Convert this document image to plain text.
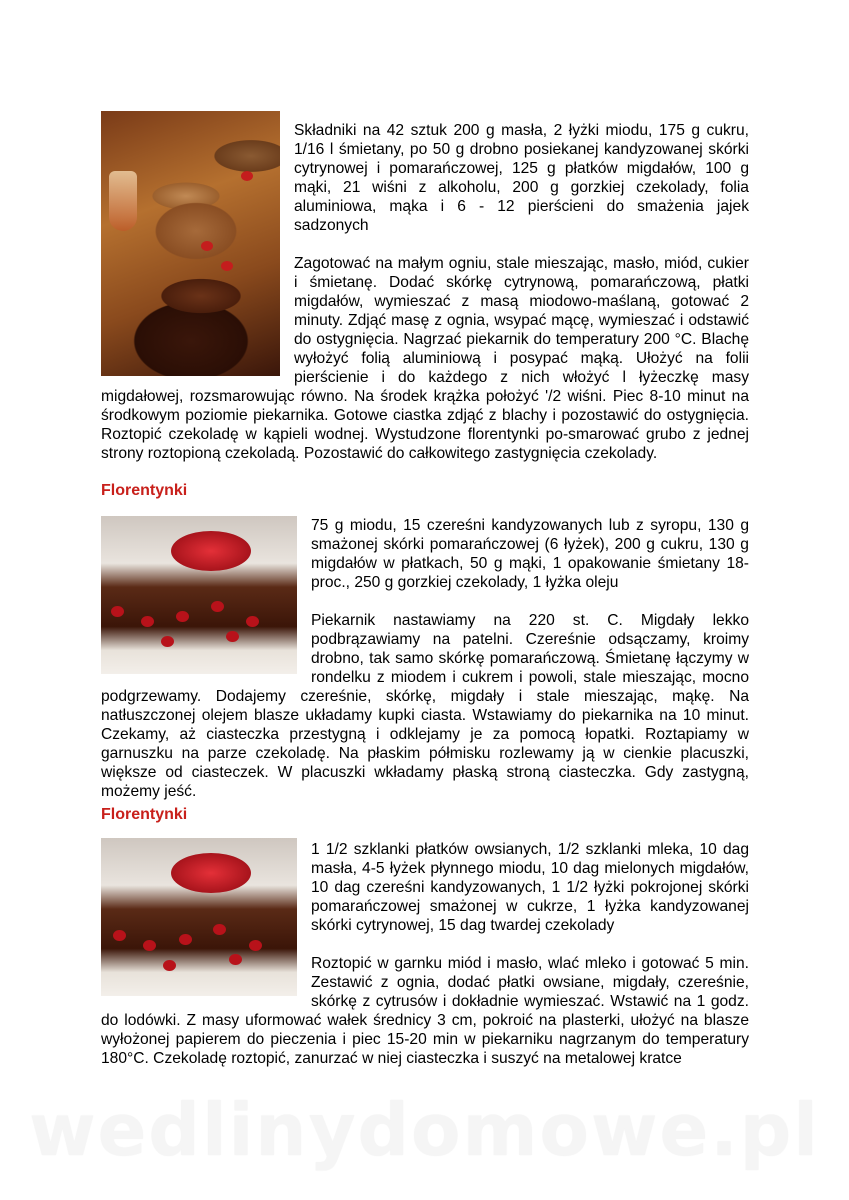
Składniki na 42 sztuk 200 g masła, 2 łyżki miodu, 175 g cukru, 1/16 l śmietany, po 50 g drobno posiekanej kandyzowanej skórki cytrynowej i pomarańczowej, 125 g płatków migdałów, 100 g mąki, 21 wiśni z alkoholu, 200 g gorzkiej czekolady, folia aluminiowa, mąka i 6 - 12 pierścieni do smażenia jajek sadzonych

Zagotować na małym ogniu, stale mieszając, masło, miód, cukier i śmietanę. Dodać skórkę cytrynową, pomarańczową, płatki migdałów, wymieszać z masą miodowo-maślaną, gotować 2 minuty. Zdjąć masę z ognia, wsypać mącę, wymieszać i odstawić do ostygnięcia. Nagrzać piekarnik do temperatury 200 °C. Blachę wyłożyć folią aluminiową i posypać mąką. Ułożyć na folii pierścienie i do każdego z nich włożyć l łyżeczkę masy migdałowej, rozsmarowując równo. Na środek krążka położyć '/2 wiśni. Piec 8-10 minut na środkowym poziomie piekarnika. Gotowe ciastka zdjąć z blachy i pozostawić do ostygnięcia. Roztopić czekoladę w kąpieli wodnej. Wystudzone florentynki po-smarować grubo z jednej strony roztopioną czekoladą. Pozostawić do całkowitego zastygnięcia czekolady.

Florentynki

75 g miodu, 15 czereśni kandyzowanych lub z syropu, 130 g smażonej skórki pomarańczowej (6 łyżek), 200 g cukru, 130 g migdałów w płatkach, 50 g mąki, 1 opakowanie śmietany 18-proc., 250 g gorzkiej czekolady, 1 łyżka oleju

Piekarnik nastawiamy na 220 st. C. Migdały lekko podbrązawiamy na patelni. Czereśnie odsączamy, kroimy drobno, tak samo skórkę pomarańczową. Śmietanę łączymy w rondelku z miodem i cukrem i powoli, stale mieszając, mocno podgrzewamy. Dodajemy czereśnie, skórkę, migdały i stale mieszając, mąkę. Na natłuszczonej olejem blasze układamy kupki ciasta. Wstawiamy do piekarnika na 10 minut. Czekamy, aż ciasteczka przestygną i odklejamy je za pomocą łopatki. Roztapiamy w garnuszku na parze czekoladę. Na płaskim półmisku rozlewamy ją w cienkie placuszki, większe od ciasteczek. W placuszki wkładamy płaską stroną ciasteczka. Gdy zastygną, możemy jeść.

Florentynki

1 1/2 szklanki płatków owsianych, 1/2 szklanki mleka, 10 dag masła, 4-5 łyżek płynnego miodu, 10 dag mielonych migdałów, 10 dag czereśni kandyzowanych, 1 1/2 łyżki pokrojonej skórki pomarańczowej smażonej w cukrze, 1 łyżka kandyzowanej skórki cytrynowej, 15 dag twardej czekolady

Roztopić w garnku miód i masło, wlać mleko i gotować 5 min. Zestawić z ognia, dodać płatki owsiane, migdały, czereśnie, skórkę z cytrusów i dokładnie wymieszać. Wstawić na 1 godz. do lodówki. Z masy uformować wałek średnicy 3 cm, pokroić na plasterki, ułożyć na blasze wyłożonej papierem do pieczenia i piec 15-20 min w piekarniku nagrzanym do temperatury 180°C. Czekoladę roztopić, zanurzać w niej ciasteczka i suszyć na metalowej kratce

wedlinydomowe.pl
